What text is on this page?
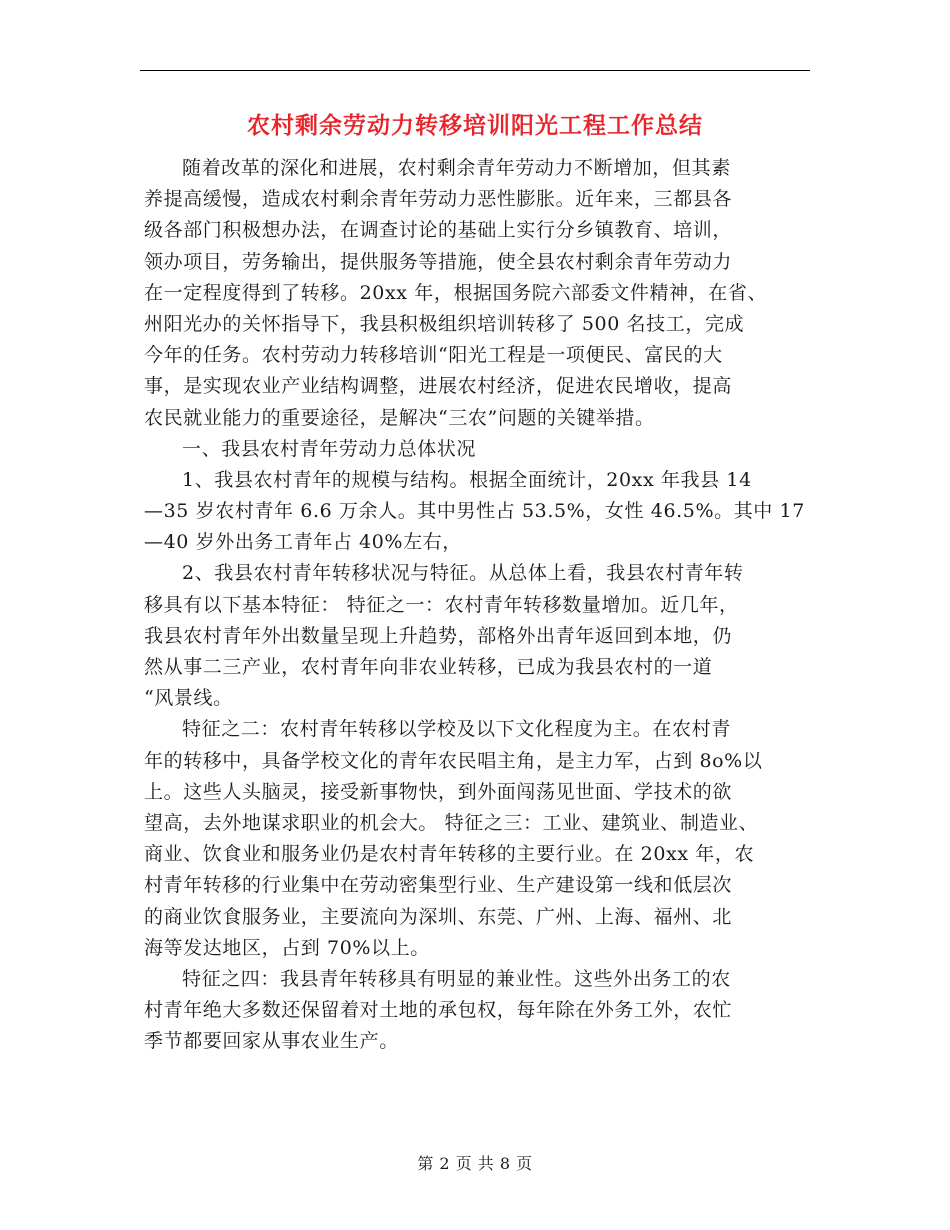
农村剩余劳动力转移培训阳光工程工作总结
随着改革的深化和进展，农村剩余青年劳动力不断增加，但其素
养提高缓慢，造成农村剩余青年劳动力恶性膨胀。近年来，三都县各
级各部门积极想办法，在调查讨论的基础上实行分乡镇教育、培训，
领办项目，劳务输出，提供服务等措施，使全县农村剩余青年劳动力
在一定程度得到了转移。20xx 年，根据国务院六部委文件精神，在省、
州阳光办的关怀指导下，我县积极组织培训转移了 500 名技工，完成
今年的任务。农村劳动力转移培训“阳光工程是一项便民、富民的大
事，是实现农业产业结构调整，进展农村经济，促进农民增收，提高
农民就业能力的重要途径，是解决“三农”问题的关键举措。
一、我县农村青年劳动力总体状况
1、我县农村青年的规模与结构。根据全面统计，20xx 年我县 14
—35 岁农村青年 6.6 万余人。其中男性占 53.5%，女性 46.5%。其中 17
—40 岁外出务工青年占 40%左右，
2、我县农村青年转移状况与特征。从总体上看，我县农村青年转
移具有以下基本特征： 特征之一：农村青年转移数量增加。近几年，
我县农村青年外出数量呈现上升趋势，部格外出青年返回到本地，仍
然从事二三产业，农村青年向非农业转移，已成为我县农村的一道
“风景线。
特征之二：农村青年转移以学校及以下文化程度为主。在农村青
年的转移中，具备学校文化的青年农民唱主角，是主力军，占到 8o%以
上。这些人头脑灵，接受新事物快，到外面闯荡见世面、学技术的欲
望高，去外地谋求职业的机会大。 特征之三：工业、建筑业、制造业、
商业、饮食业和服务业仍是农村青年转移的主要行业。在 20xx 年，农
村青年转移的行业集中在劳动密集型行业、生产建设第一线和低层次
的商业饮食服务业，主要流向为深圳、东莞、广州、上海、福州、北
海等发达地区，占到 70%以上。
特征之四：我县青年转移具有明显的兼业性。这些外出务工的农
村青年绝大多数还保留着对土地的承包权，每年除在外务工外，农忙
季节都要回家从事农业生产。
第 2 页 共 8 页
